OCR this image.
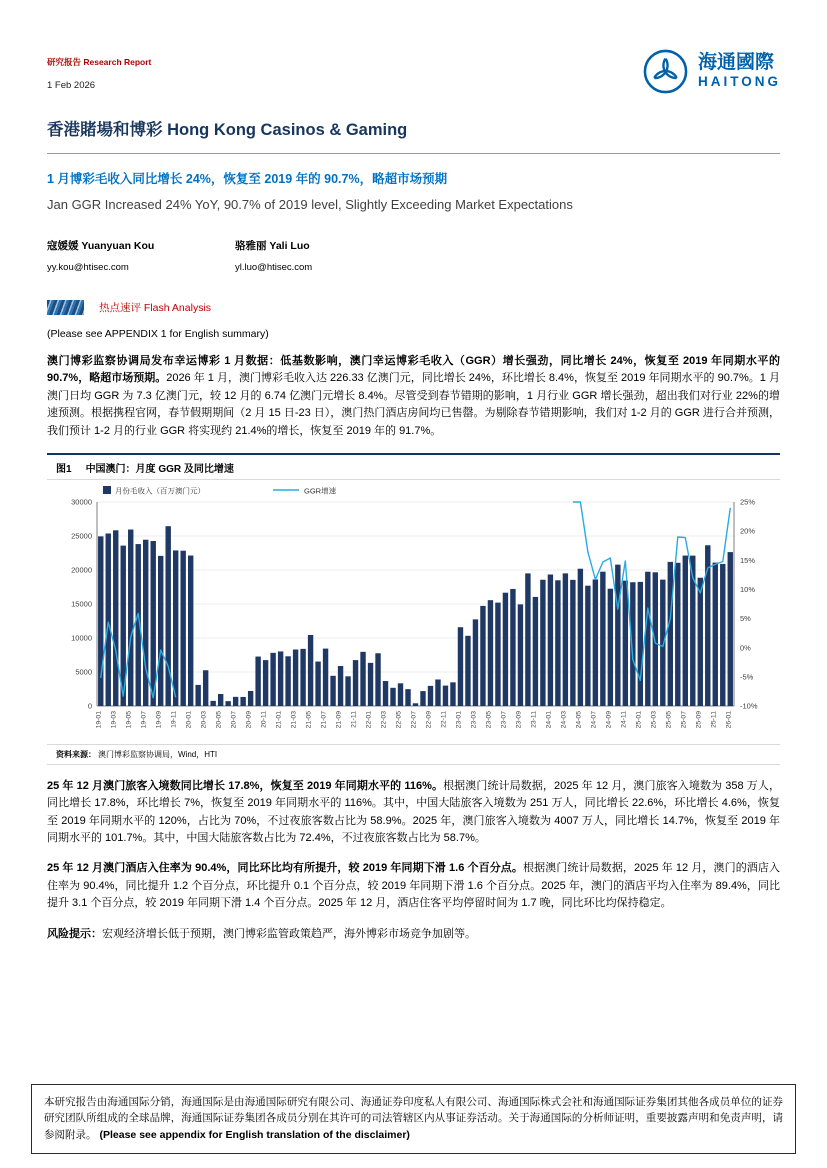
研究报告 Research Report
1 Feb 2026
海通國際
HAITONG
香港賭場和博彩 Hong Kong Casinos & Gaming
1 月博彩毛收入同比增长 24%，恢复至 2019 年的 90.7%，略超市场预期
Jan GGR Increased 24% YoY, 90.7% of 2019 level, Slightly Exceeding Market Expectations
寇媛媛 Yuanyuan Kou
yy.kou@htisec.com
骆雅丽 Yali Luo
yl.luo@htisec.com
热点速评 Flash Analysis
(Please see APPENDIX 1 for English summary)

澳门博彩监察协调局发布幸运博彩 1 月数据：低基数影响，澳门幸运博彩毛收入（GGR）增长强劲，同比增长 24%，恢复至 2019 年同期水平的 90.7%，略超市场预期。2026 年 1 月，澳门博彩毛收入达 226.33 亿澳门元，同比增长 24%，环比增长 8.4%，恢复至 2019 年同期水平的 90.7%。1 月澳门日均 GGR 为 7.3 亿澳门元，较 12 月的 6.74 亿澳门元增长 8.4%。尽管受到春节错期的影响，1 月行业 GGR 增长强劲，超出我们对行业 22%的增速预测。根据携程官网，春节假期期间（2 月 15 日-23 日），澳门热门酒店房间均已售罄。为剔除春节错期影响，我们对 1-2 月的 GGR 进行合并预测，我们预计 1-2 月的行业 GGR 将实现约 21.4%的增长，恢复至 2019 年的 91.7%。

图1 中国澳门：月度 GGR 及同比增速
0
5000
10000
15000
20000
25000
30000	25%
20%
15%
10%
5%
0%
-5%
-10%
19-01 19-03 19-05 19-07 19-09 19-11 20-01 20-03 20-05 20-07 20-09 20-11 21-01 21-03 21-05 21-07 21-09 21-11 22-01 22-03 22-05 22-07 22-09 22-11 23-01 23-03 23-05 23-07 23-09 23-11 24-01 24-03 24-05 24-07 24-09 24-11 25-01 25-03 25-05 25-07 25-09 25-11 26-01
月份毛收入（百万澳门元）	GGR增速
资料来源： 澳门博彩监察协调局，Wind，HTI

25 年 12 月澳门旅客入境数同比增长 17.8%，恢复至 2019 年同期水平的 116%。根据澳门统计局数据，2025 年 12 月，澳门旅客入境数为 358 万人，同比增长 17.8%，环比增长 7%，恢复至 2019 年同期水平的 116%。其中，中国大陆旅客入境数为 251 万人，同比增长 22.6%，环比增长 4.6%，恢复至 2019 年同期水平的 120%，占比为 70%，不过夜旅客数占比为 58.9%。2025 年，澳门旅客入境数为 4007 万人，同比增长 14.7%，恢复至 2019 年同期水平的 101.7%。其中，中国大陆旅客数占比为 72.4%，不过夜旅客数占比为 58.7%。

25 年 12 月澳门酒店入住率为 90.4%，同比环比均有所提升，较 2019 年同期下滑 1.6 个百分点。根据澳门统计局数据，2025 年 12 月，澳门的酒店入住率为 90.4%，同比提升 1.2 个百分点，环比提升 0.1 个百分点，较 2019 年同期下滑 1.6 个百分点。2025 年，澳门的酒店平均入住率为 89.4%，同比提升 3.1 个百分点，较 2019 年同期下滑 1.4 个百分点。2025 年 12 月，酒店住客平均停留时间为 1.7 晚，同比环比均保持稳定。

风险提示：宏观经济增长低于预期，澳门博彩监管政策趋严，海外博彩市场竞争加剧等。

本研究报告由海通国际分销，海通国际是由海通国际研究有限公司、海通证券印度私人有限公司、海通国际株式会社和海通国际证券集团其他各成员单位的证券研究团队所组成的全球品牌，海通国际证券集团各成员分别在其许可的司法管辖区内从事证券活动。关于海通国际的分析师证明，重要披露声明和免责声明，请参阅附录。 (Please see appendix for English translation of the disclaimer)
